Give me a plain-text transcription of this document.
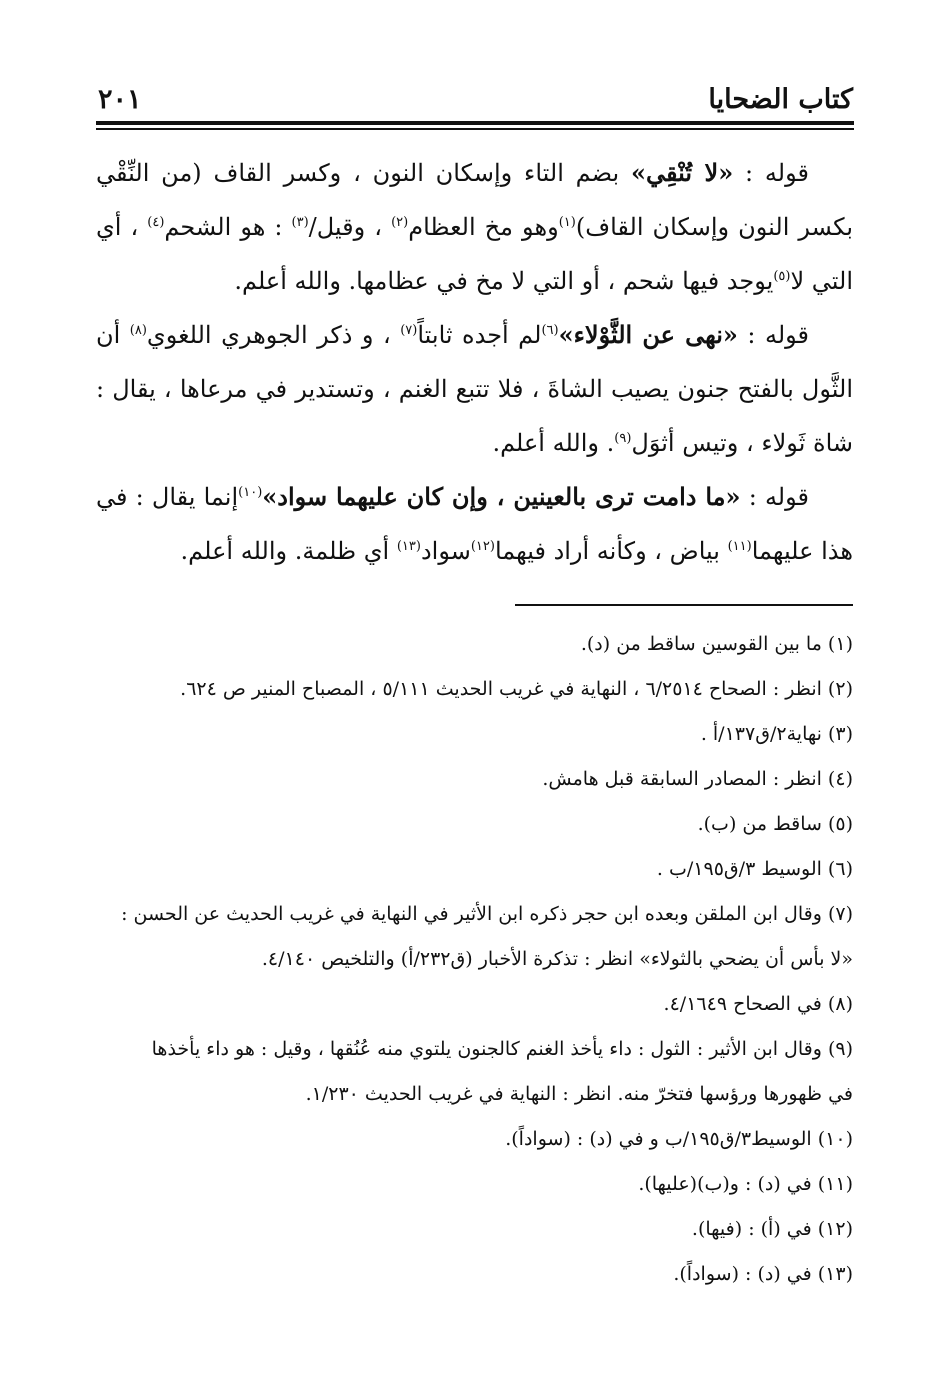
كتاب الضحايا
٢٠١

قوله : «لا تُنْقِي» بضم التاء وإسكان النون ، وكسر القاف (من النِّقْي بكسر النون وإسكان القاف)$^{(١)}$وهو مخ العظام$^{(٢)}$ ، وقيل/$^{(٣)}$ : هو الشحم$^{(٤)}$ ، أي التي لا$^{(٥)}$يوجد فيها شحم ، أو التي لا مخ في عظامها. والله أعلم.

قوله : «نهى عن الثَّوْلاء»$^{(٦)}$لم أجده ثابتاً$^{(٧)}$ ، و ذكر الجوهري اللغوي$^{(٨)}$ أن الثَّول بالفتح جنون يصيب الشاةَ ، فلا تتبع الغنم ، وتستدير في مرعاها ، يقال : شاة ثَولاء ، وتيس أثوَل$^{(٩)}$. والله أعلم.

قوله : «ما دامت ترى بالعينين ، وإن كان عليهما سواد»$^{(١٠)}$إنما يقال : في هذا عليهما$^{(١١)}$ بياض ، وكأنه أراد فيهما$^{(١٢)}$سواد$^{(١٣)}$ أي ظلمة. والله أعلم.

(١) ما بين القوسين ساقط من (د).
(٢) انظر : الصحاح ٦/٢٥١٤ ، النهاية في غريب الحديث ٥/١١١ ، المصباح المنير ص ٦٢٤.
(٣) نهاية٢/ق١٣٧/أ .
(٤) انظر : المصادر السابقة قبل هامش.
(٥) ساقط من (ب).
(٦) الوسيط ٣/ق١٩٥/ب .
(٧) وقال ابن الملقن وبعده ابن حجر ذكره ابن الأثير في النهاية في غريب الحديث عن الحسن :
«لا بأس أن يضحي بالثولاء» انظر : تذكرة الأخبار (ق٢٣٢/أ) والتلخيص ٤/١٤٠.
(٨) في الصحاح ٤/١٦٤٩.
(٩) وقال ابن الأثير : الثول : داء يأخذ الغنم كالجنون يلتوي منه عُنُقها ، وقيل : هو داء يأخذها
في ظهورها ورؤسها فتخرّ منه. انظر : النهاية في غريب الحديث ١/٢٣٠.
(١٠) الوسيط٣/ق١٩٥/ب و في (د) : (سواداً).
(١١) في (د) : و(ب)(عليها).
(١٢) في (أ) : (فيها).
(١٣) في (د) : (سواداً).
